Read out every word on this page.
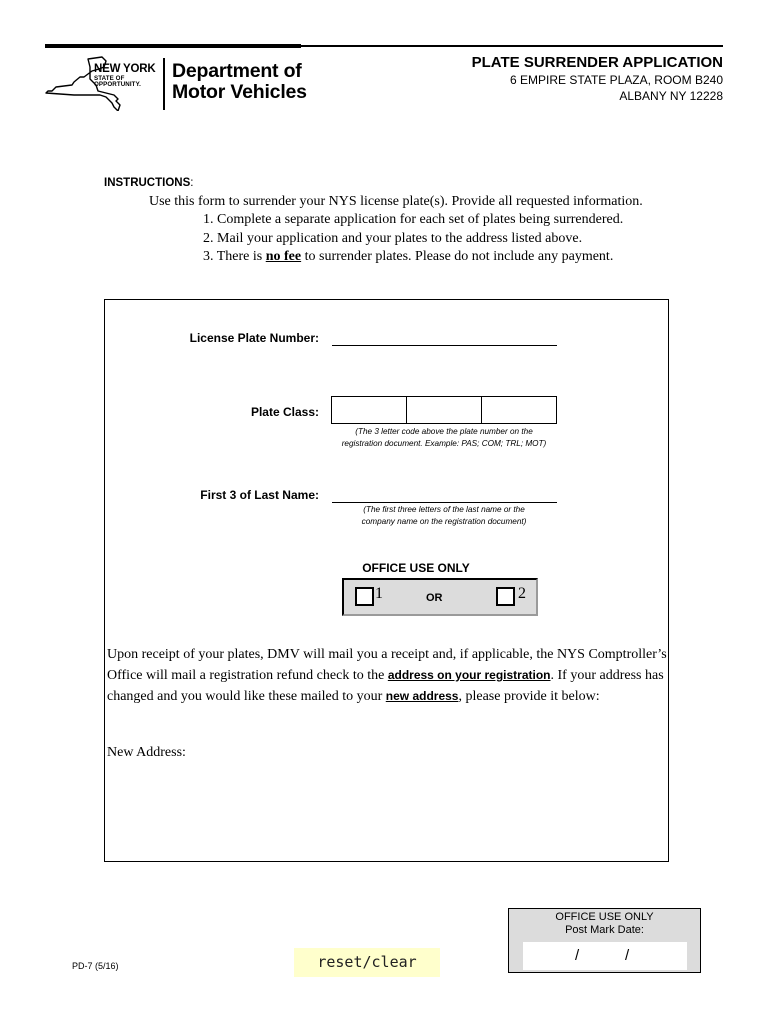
NEW YORK
STATE OF
OPPORTUNITY.
Department of
Motor Vehicles
PLATE SURRENDER APPLICATION
6 EMPIRE STATE PLAZA, ROOM B240
ALBANY NY 12228
INSTRUCTIONS:
Use this form to surrender your NYS license plate(s). Provide all requested information.
1. Complete a separate application for each set of plates being surrendered.
2. Mail your application and your plates to the address listed above.
3. There is no fee to surrender plates. Please do not include any payment.
License Plate Number:
Plate Class:
(The 3 letter code above the plate number on the
registration document. Example: PAS; COM; TRL; MOT)
First 3 of Last Name:
(The first three letters of the last name or the
company name on the registration document)
OFFICE USE ONLY
1	OR	2
Upon receipt of your plates, DMV will mail you a receipt and, if applicable, the NYS Comptroller’s Office will mail a registration refund check to the address on your registration. If your address has changed and you would like these mailed to your new address, please provide it below:
New Address:
PD-7 (5/16)	reset/clear
OFFICE USE ONLY
Post Mark Date:
/	/
